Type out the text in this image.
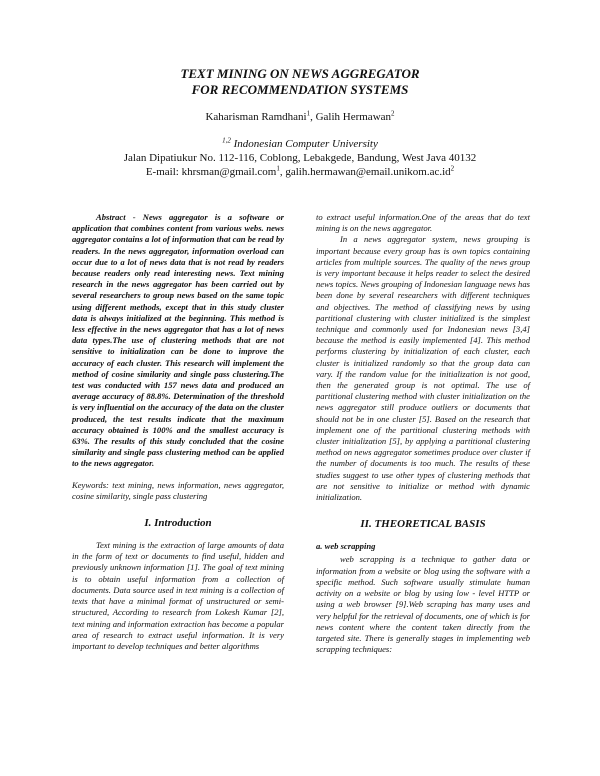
TEXT MINING ON NEWS AGGREGATOR
FOR RECOMMENDATION SYSTEMS
Kaharisman Ramdhani$^1$, Galih Hermawan$^2$
$^{1,2}$ Indonesian Computer University
Jalan Dipatiukur No. 112-116, Coblong, Lebakgede, Bandung, West Java 40132
E-mail: khrsman@gmail.com$^1$, $galih.hermawan@email.unikom.ac.id^2$

Abstract - News aggregator is a software or application that combines content from various webs. news aggregator contains a lot of information that can be read by readers. In the news aggregator, information overload can occur due to a lot of news data that is not read by readers because readers only read interesting news. Text mining research in the news aggregator has been carried out by several researchers to group news based on the same topic using different methods, except that in this study cluster data is always initialized at the beginning. This method is less effective in the news aggregator that has a lot of news data types.The use of clustering methods that are not sensitive to initialization can be done to improve the accuracy of each cluster. This research will implement the method of cosine similarity and single pass clustering.The test was conducted with 157 news data and produced an average accuracy of 88.8%. Determination of the threshold is very influential on the accuracy of the data on the cluster produced, the test results indicate that the maximum accuracy obtained is 100% and the smallest accuracy is 63%. The results of this study concluded that the cosine similarity and single pass clustering method can be applied to the news aggregator.

Keywords: text mining, news information, news aggregator, cosine similarity, single pass clustering

I. Introduction

Text mining is the extraction of large amounts of data in the form of text or documents to find useful, hidden and previously unknown information [1]. The goal of text mining is to obtain useful information from a collection of documents. Data source used in text mining is a collection of texts that have a minimal format of unstructured or semi-structured, According to research from Lokesh Kumar [2], text mining and information extraction has become a popular area of research to extract useful information. It is very important to develop techniques and better algorithms

to extract useful information.One of the areas that do text mining is on the news aggregator.

In a news aggregator system, news grouping is important because every group has is own topics containing articles from multiple sources. The quality of the news group is very important because it helps reader to select the desired news topics. News grouping of Indonesian language news has been done by several researchers with different techniques and objectives. The method of classifying news by using partitional clustering with cluster initialized is the simplest technique and commonly used for Indonesian news [3,4] because the method is easily implemented [4]. This method performs clustering by initialization of each cluster, each cluster is initialized randomly so that the group data can vary. If the random value for the initialization is not good, then the generated group is not optimal. The use of partitional clustering method with cluster initialization on the news aggregator still produce outliers or documents that should not be in one cluster [5]. Based on the research that implement one of the partitional clustering methods with cluster initialization [5], by applying a partitional clustering method on news aggregator sometimes produce over cluster if the number of documents is too much. The results of these studies suggest to use other types of clustering methods that are not sensitive to initialize or method with dynamic initialization.

II. THEORETICAL BASIS

a. web scrapping

web scrapping is a technique to gather data or information from a website or blog using the software with a specific method. Such software usually stimulate human activity on a website or blog by using low - level HTTP or using a web browser [9].Web scraping has many uses and very helpful for the retrieval of documents, one of which is for news content where the content taken directly from the targeted site. There is generally stages in implementing web scrapping techniques:
